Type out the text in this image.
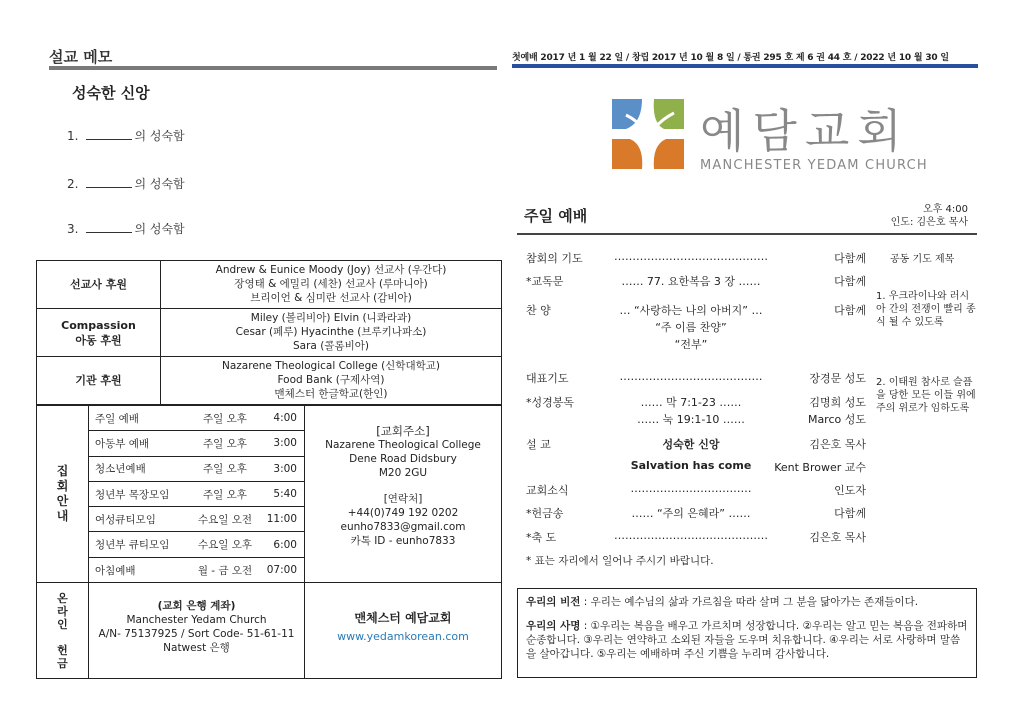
설교 메모
성숙한 신앙
1.	의 성숙함
2.	의 성숙함
3.	의 성숙함
선교사 후원
Andrew & Eunice Moody (Joy) 선교사 (우간다)
장영태 & 에밀리 (세찬) 선교사 (루마니아)
브리이언 & 심미란 선교사 (감비아)
Compassion
아동 후원
Miley (볼리비아) Elvin (니콰라과)
Cesar (페루) Hyacinthe (브루키나파소)
Sara (콜롬비아)
기관 후원
Nazarene Theological College (신학대학교)
Food Bank (구제사역)
맨체스터 한글학교(한인)
집
회
안
내
주일 예배	주일 오후	4:00
아동부 예배	주일 오후	3:00
청소년예배	주일 오후	3:00
청년부 목장모임	주일 오후	5:40
여성큐티모임	수요일 오전	11:00
청년부 큐티모임	수요일 오후	6:00
아침예배	월 - 금 오전	07:00
[교회주소]
Nazarene Theological College
Dene Road Didsbury
M20 2GU
[연락처]
+44(0)749 192 0202
eunho7833@gmail.com
카톡 ID - eunho7833
온
라
인

헌
금
(교회 은행 계좌)
Manchester Yedam Church
A/N- 75137925 / Sort Code- 51-61-11
Natwest 은행
맨체스터 예담교회
www.yedamkorean.com
첫예배 2017 년 1 월 22 일 / 창립 2017 년 10 월 8 일 / 통권 295 호 제 6 권 44 호 / 2022 년 10 월 30 일
예담교회
MANCHESTER YEDAM CHURCH
주일 예배	오후 4:00
인도: 김은호 목사
참회의 기도	……………………………………	다함께
*교독문	…… 77. 요한복음 3 장 ……	다함께
찬 양	… “사랑하는 나의 아버지” …	다함께
“주 이름 찬양”
“전부”
대표기도	…………………………………	장경문 성도
*성경봉독	…… 막 7:1-23 ……	김명희 성도
…… 눅 19:1-10 ……	Marco 성도
설 교	성숙한 신앙	김은호 목사
Salvation has come	Kent Brower 교수
교회소식	……………………………	인도자
*헌금송	…… “주의 은혜라” ……	다함께
*축 도	……………………………………	김은호 목사
* 표는 자리에서 일어나 주시기 바랍니다.
공동 기도 제목
1. 우크라이나와 러시아 간의 전쟁이 빨리 종식 될 수 있도록
2. 이태원 참사로 슬픔을 당한 모든 이들 위에 주의 위로가 임하도록

우리의 비전 : 우리는 예수님의 삶과 가르침을 따라 살며 그 분을 닮아가는 존재들이다.

우리의 사명 : ①우리는 복음을 배우고 가르치며 성장합니다. ②우리는 알고 믿는 복음을 전파하며 순종합니다. ③우리는 연약하고 소외된 자들을 도우며 치유합니다. ④우리는 서로 사랑하며 말씀을 살아갑니다. ⑤우리는 예배하며 주신 기쁨을 누리며 감사합니다.
